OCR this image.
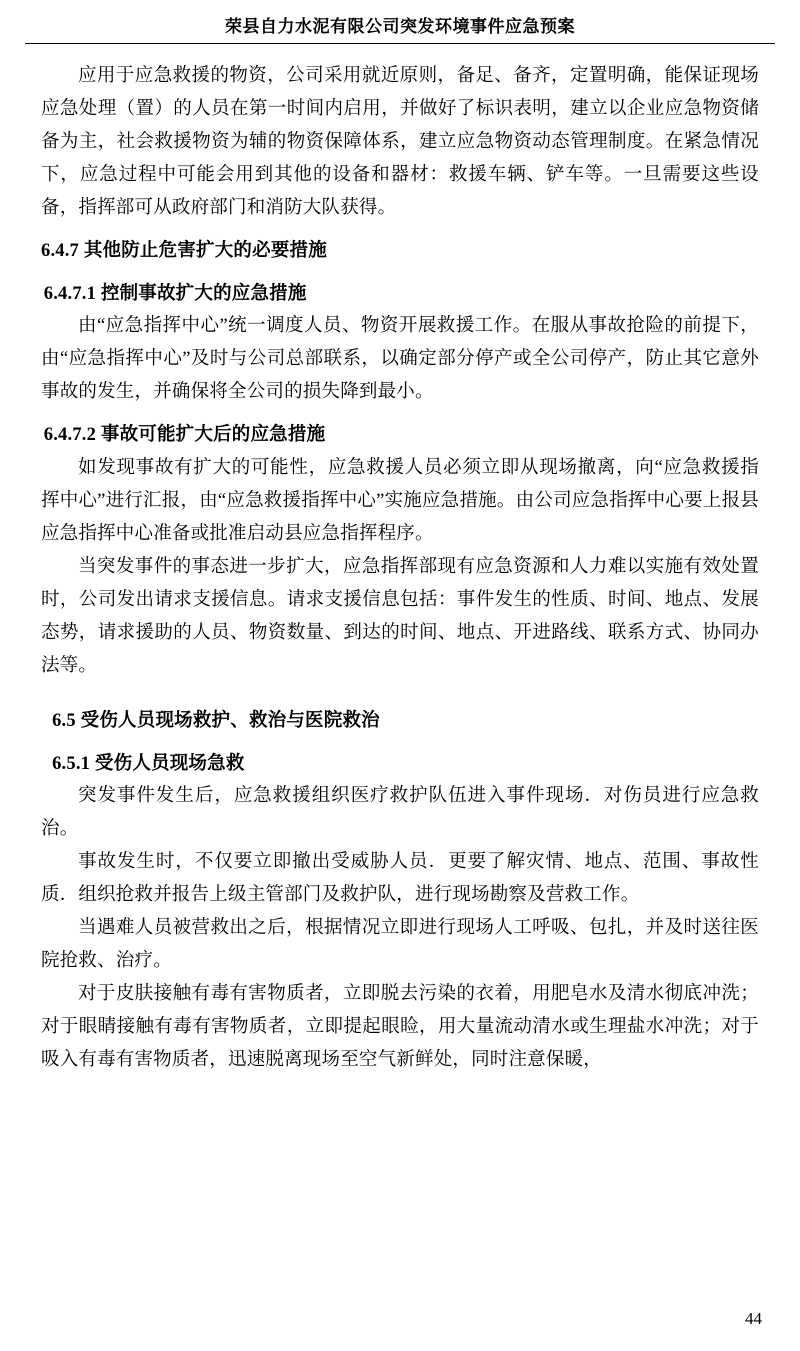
荣县自力水泥有限公司突发环境事件应急预案

应用于应急救援的物资，公司采用就近原则，备足、备齐，定置明确，能保证现场应急处理（置）的人员在第一时间内启用，并做好了标识表明，建立以企业应急物资储备为主，社会救援物资为辅的物资保障体系，建立应急物资动态管理制度。在紧急情况下，应急过程中可能会用到其他的设备和器材：救援车辆、铲车等。一旦需要这些设备，指挥部可从政府部门和消防大队获得。

6.4.7 其他防止危害扩大的必要措施
6.4.7.1 控制事故扩大的应急措施

由“应急指挥中心”统一调度人员、物资开展救援工作。在服从事故抢险的前提下，由“应急指挥中心”及时与公司总部联系，以确定部分停产或全公司停产，防止其它意外事故的发生，并确保将全公司的损失降到最小。

6.4.7.2 事故可能扩大后的应急措施

如发现事故有扩大的可能性，应急救援人员必须立即从现场撤离，向“应急救援指挥中心”进行汇报，由“应急救援指挥中心”实施应急措施。由公司应急指挥中心要上报县应急指挥中心准备或批准启动县应急指挥程序。

当突发事件的事态进一步扩大，应急指挥部现有应急资源和人力难以实施有效处置时，公司发出请求支援信息。请求支援信息包括：事件发生的性质、时间、地点、发展态势，请求援助的人员、物资数量、到达的时间、地点、开进路线、联系方式、协同办法等。

6.5 受伤人员现场救护、救治与医院救治
6.5.1 受伤人员现场急救

突发事件发生后，应急救援组织医疗救护队伍进入事件现场．对伤员进行应急救治。

事故发生时，不仅要立即撤出受威胁人员．更要了解灾情、地点、范围、事故性质．组织抢救并报告上级主管部门及救护队，进行现场勘察及营救工作。

当遇难人员被营救出之后，根据情况立即进行现场人工呼吸、包扎，并及时送往医院抢救、治疗。

对于皮肤接触有毒有害物质者，立即脱去污染的衣着，用肥皂水及清水彻底冲洗；对于眼睛接触有毒有害物质者，立即提起眼睑，用大量流动清水或生理盐水冲洗；对于吸入有毒有害物质者，迅速脱离现场至空气新鲜处，同时注意保暖，

44
